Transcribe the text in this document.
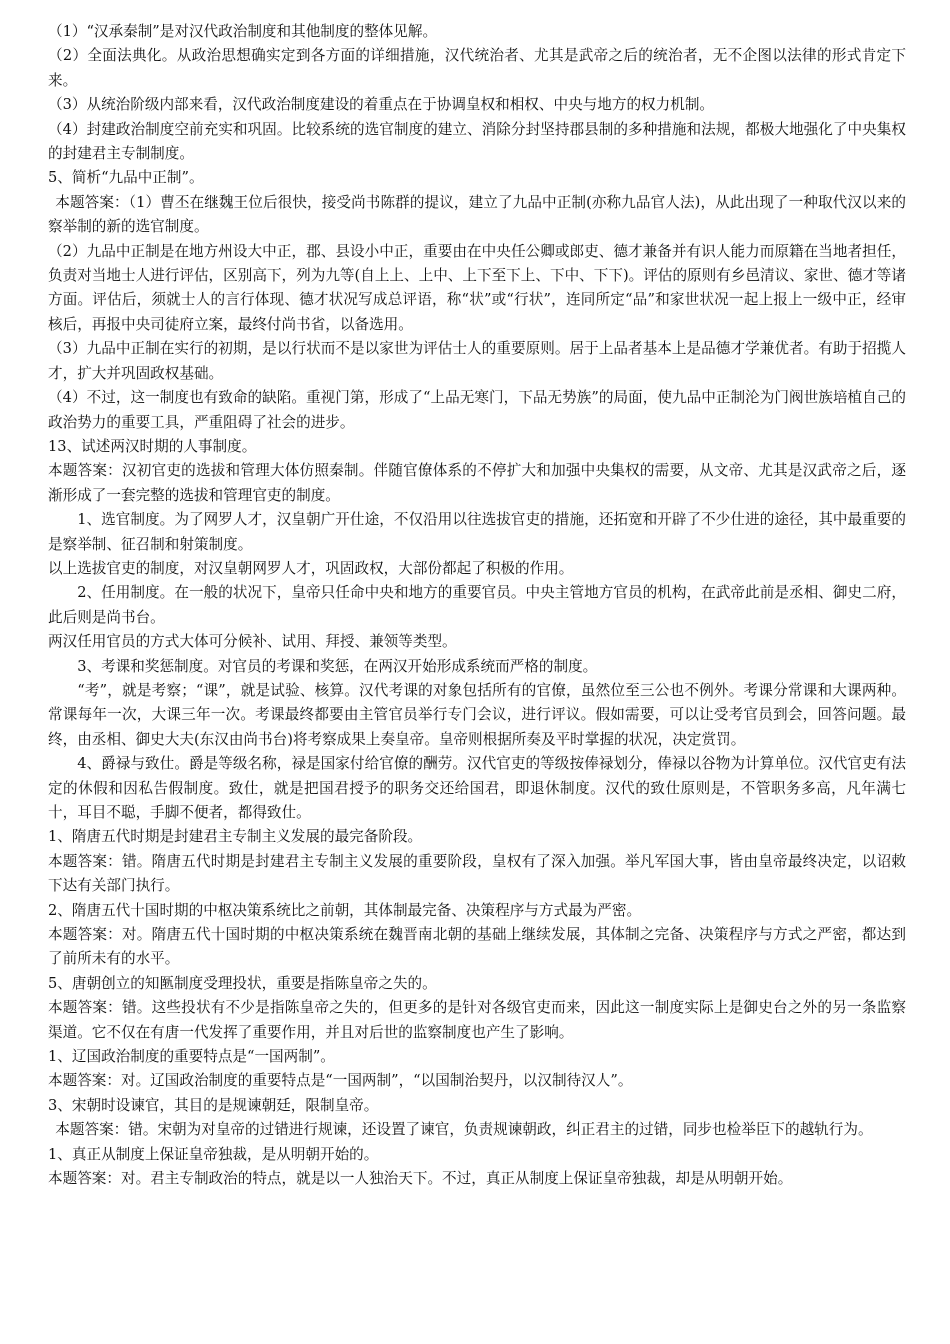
（1）“汉承秦制”是对汉代政治制度和其他制度的整体见解。

（2）全面法典化。从政治思想确实定到各方面的详细措施，汉代统治者、尤其是武帝之后的统治者，无不企图以法律的形式肯定下来。

（3）从统治阶级内部来看，汉代政治制度建设的着重点在于协调皇权和相权、中央与地方的权力机制。

（4）封建政治制度空前充实和巩固。比较系统的选官制度的建立、消除分封坚持郡县制的多种措施和法规，都极大地强化了中央集权的封建君主专制制度。

5、简析“九品中正制”。

本题答案：（1）曹丕在继魏王位后很快，接受尚书陈群的提议，建立了九品中正制(亦称九品官人法)，从此出现了一种取代汉以来的察举制的新的选官制度。

（2）九品中正制是在地方州设大中正，郡、县设小中正，重要由在中央任公卿或郎吏、德才兼备并有识人能力而原籍在当地者担任，负责对当地士人进行评估，区别高下，列为九等(自上上、上中、上下至下上、下中、下下)。评估的原则有乡邑清议、家世、德才等诸方面。评估后，须就士人的言行体现、德才状况写成总评语，称“状”或“行状”，连同所定“品”和家世状况一起上报上一级中正，经审核后，再报中央司徒府立案，最终付尚书省，以备选用。

（3）九品中正制在实行的初期，是以行状而不是以家世为评估士人的重要原则。居于上品者基本上是品德才学兼优者。有助于招揽人才，扩大并巩固政权基础。

（4）不过，这一制度也有致命的缺陷。重视门第，形成了“上品无寒门，下品无势族”的局面，使九品中正制沦为门阀世族培植自己的政治势力的重要工具，严重阻碍了社会的进步。

13、试述两汉时期的人事制度。

本题答案：汉初官吏的选拔和管理大体仿照秦制。伴随官僚体系的不停扩大和加强中央集权的需要，从文帝、尤其是汉武帝之后，逐渐形成了一套完整的选拔和管理官吏的制度。

1、选官制度。为了网罗人才，汉皇朝广开仕途，不仅沿用以往选拔官吏的措施，还拓宽和开辟了不少仕进的途径，其中最重要的是察举制、征召制和射策制度。

以上选拔官吏的制度，对汉皇朝网罗人才，巩固政权，大部份都起了积极的作用。

2、任用制度。在一般的状况下，皇帝只任命中央和地方的重要官员。中央主管地方官员的机构，在武帝此前是丞相、御史二府，此后则是尚书台。

两汉任用官员的方式大体可分候补、试用、拜授、兼领等类型。

3、考课和奖惩制度。对官员的考课和奖惩，在两汉开始形成系统而严格的制度。

“考”，就是考察；“课”，就是试验、核算。汉代考课的对象包括所有的官僚，虽然位至三公也不例外。考课分常课和大课两种。常课每年一次，大课三年一次。考课最终都要由主管官员举行专门会议，进行评议。假如需要，可以让受考官员到会，回答问题。最终，由丞相、御史大夫(东汉由尚书台)将考察成果上奏皇帝。皇帝则根据所奏及平时掌握的状况，决定赏罚。

4、爵禄与致仕。爵是等级名称，禄是国家付给官僚的酬劳。汉代官吏的等级按俸禄划分，俸禄以谷物为计算单位。汉代官吏有法定的休假和因私告假制度。致仕，就是把国君授予的职务交还给国君，即退休制度。汉代的致仕原则是，不管职务多高，凡年满七十，耳目不聪，手脚不便者，都得致仕。

1、隋唐五代时期是封建君主专制主义发展的最完备阶段。

本题答案：错。隋唐五代时期是封建君主专制主义发展的重要阶段，皇权有了深入加强。举凡军国大事，皆由皇帝最终决定，以诏敕下达有关部门执行。

2、隋唐五代十国时期的中枢决策系统比之前朝，其体制最完备、决策程序与方式最为严密。

本题答案：对。隋唐五代十国时期的中枢决策系统在魏晋南北朝的基础上继续发展，其体制之完备、决策程序与方式之严密，都达到了前所未有的水平。

5、唐朝创立的知匦制度受理投状，重要是指陈皇帝之失的。

本题答案：错。这些投状有不少是指陈皇帝之失的，但更多的是针对各级官吏而来，因此这一制度实际上是御史台之外的另一条监察渠道。它不仅在有唐一代发挥了重要作用，并且对后世的监察制度也产生了影响。

1、辽国政治制度的重要特点是“一国两制”。

本题答案：对。辽国政治制度的重要特点是“一国两制”，“以国制治契丹，以汉制待汉人”。

3、宋朝时设谏官，其目的是规谏朝廷，限制皇帝。

本题答案：错。宋朝为对皇帝的过错进行规谏，还设置了谏官，负责规谏朝政，纠正君主的过错，同步也检举臣下的越轨行为。

1、真正从制度上保证皇帝独裁，是从明朝开始的。

本题答案：对。君主专制政治的特点，就是以一人独治天下。不过，真正从制度上保证皇帝独裁，却是从明朝开始。
